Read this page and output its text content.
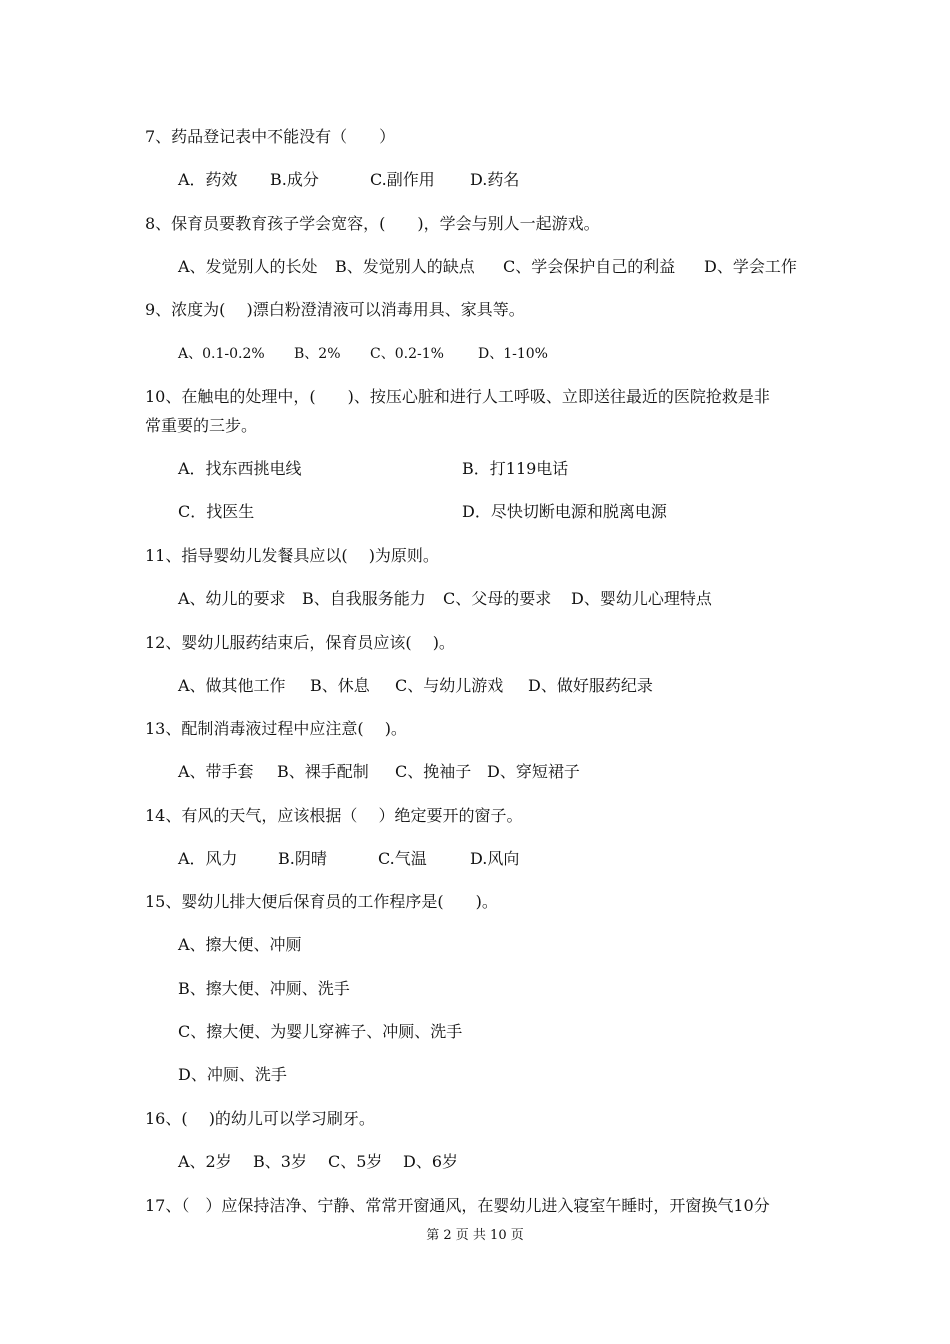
7、药品登记表中不能没有（　　）

A．药效

B.成分

	C.副作用

D.药名

8、保育员要教育孩子学会宽容，(　　)，学会与别人一起游戏。

A、发觉别人的长处

B、发觉别人的缺点

C、学会保护自己的利益

D、学会工作

9、浓度为(　 )漂白粉澄清液可以消毒用具、家具等。

A、0.1-0.2%

B、2%

C、0.2-1%

D、1-10%

10、在触电的处理中，(　　)、按压心脏和进行人工呼吸、立即送往最近的医院抢救是非
常重要的三步。

A．找东西挑电线

	B．打119电话

C．找医生

	D．尽快切断电源和脱离电源

11、指导婴幼儿发餐具应以(　 )为原则。

A、幼儿的要求

B、自我服务能力

C、父母的要求

D、婴幼儿心理特点

12、婴幼儿服药结束后，保育员应该(　 )。

A、做其他工作

B、休息

C、与幼儿游戏

D、做好服药纪录

13、配制消毒液过程中应注意(　 )。

A、带手套

B、裸手配制

C、挽袖子

D、穿短裙子

14、有风的天气，应该根据（　 ）绝定要开的窗子。

A．风力

	B.阴晴

	C.气温

	D.风向

15、婴幼儿排大便后保育员的工作程序是(　　)。
A、擦大便、冲厕
B、擦大便、冲厕、洗手
C、擦大便、为婴儿穿裤子、冲厕、洗手
D、冲厕、洗手
16、(　 )的幼儿可以学习刷牙。

A、2岁

B、3岁

C、5岁

D、6岁

17、（　）应保持洁净、宁静、常常开窗通风，在婴幼儿进入寝室午睡时，开窗换气10分
第 2 页 共 10 页
